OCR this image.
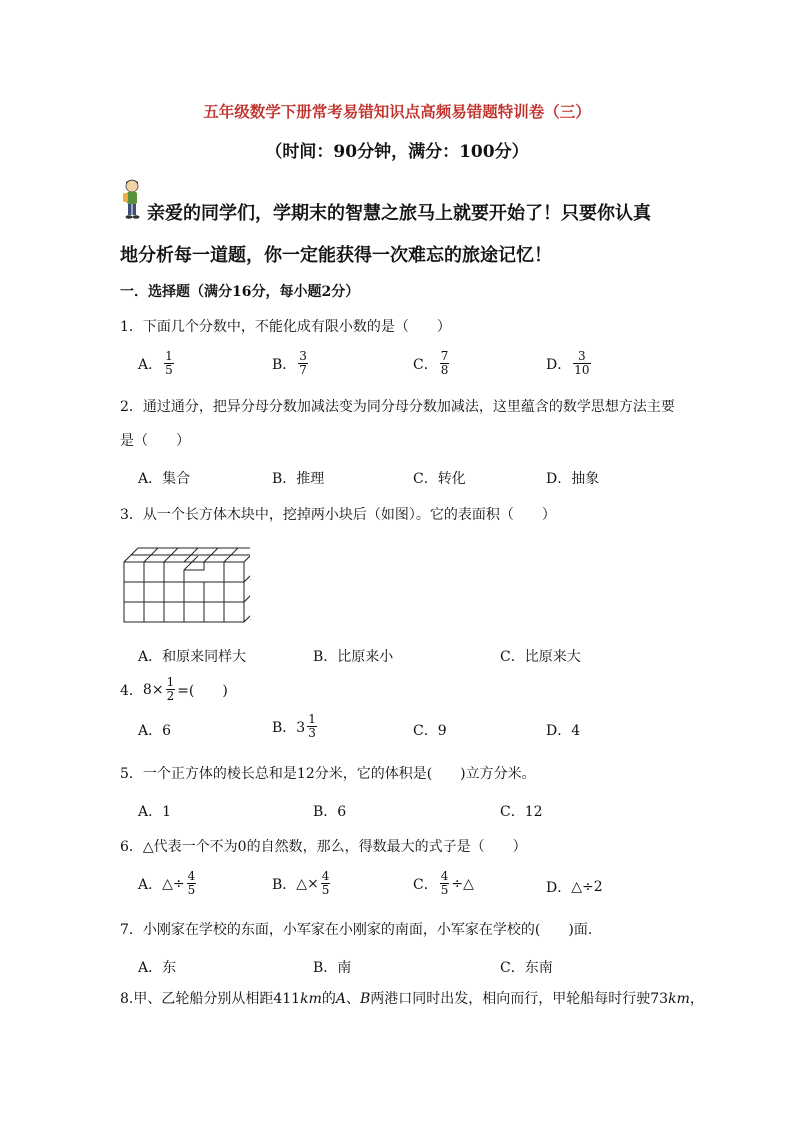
五年级数学下册常考易错知识点高频易错题特训卷（三）
（时间：90分钟，满分：100分）
亲爱的同学们，学期末的智慧之旅马上就要开始了！只要你认真
地分析每一道题，你一定能获得一次难忘的旅途记忆！
一．选择题（满分16分，每小题2分）
1．下面几个分数中，不能化成有限小数的是（　　）
A． $\frac{1}{5}$	B． $\frac{3}{7}$	C． $\frac{7}{8}$	D． $\frac{3}{10}$
2．通过通分，把异分母分数加减法变为同分母分数加减法，这里蕴含的数学思想方法主要
是（　　）
A．集合	B．推理	C．转化	D．抽象
3．从一个长方体木块中，挖掉两小块后（如图）。它的表面积（　　）
A．和原来同样大	B．比原来小	C．比原来大
4． $8\times \frac{1}{2}$ =(　　)
A．6	B．$3 \frac{1}{3}$	C．9	D．4
5．一个正方体的棱长总和是12分米，它的体积是(　　)立方分米。
A．1	B．6	C．12
6．△代表一个不为0的自然数，那么，得数最大的式子是（　　）
A． △÷ $\frac{4}{5}$	B． △× $\frac{4}{5}$	C． $\frac{4}{5}$ ÷△	D． △÷2
7．小刚家在学校的东面，小军家在小刚家的南面，小军家在学校的(　　)面.
A．东	B．南	C．东南
8.甲、乙轮船分别从相距411km的A、B两港口同时出发，相向而行，甲轮船每时行驶73km，
